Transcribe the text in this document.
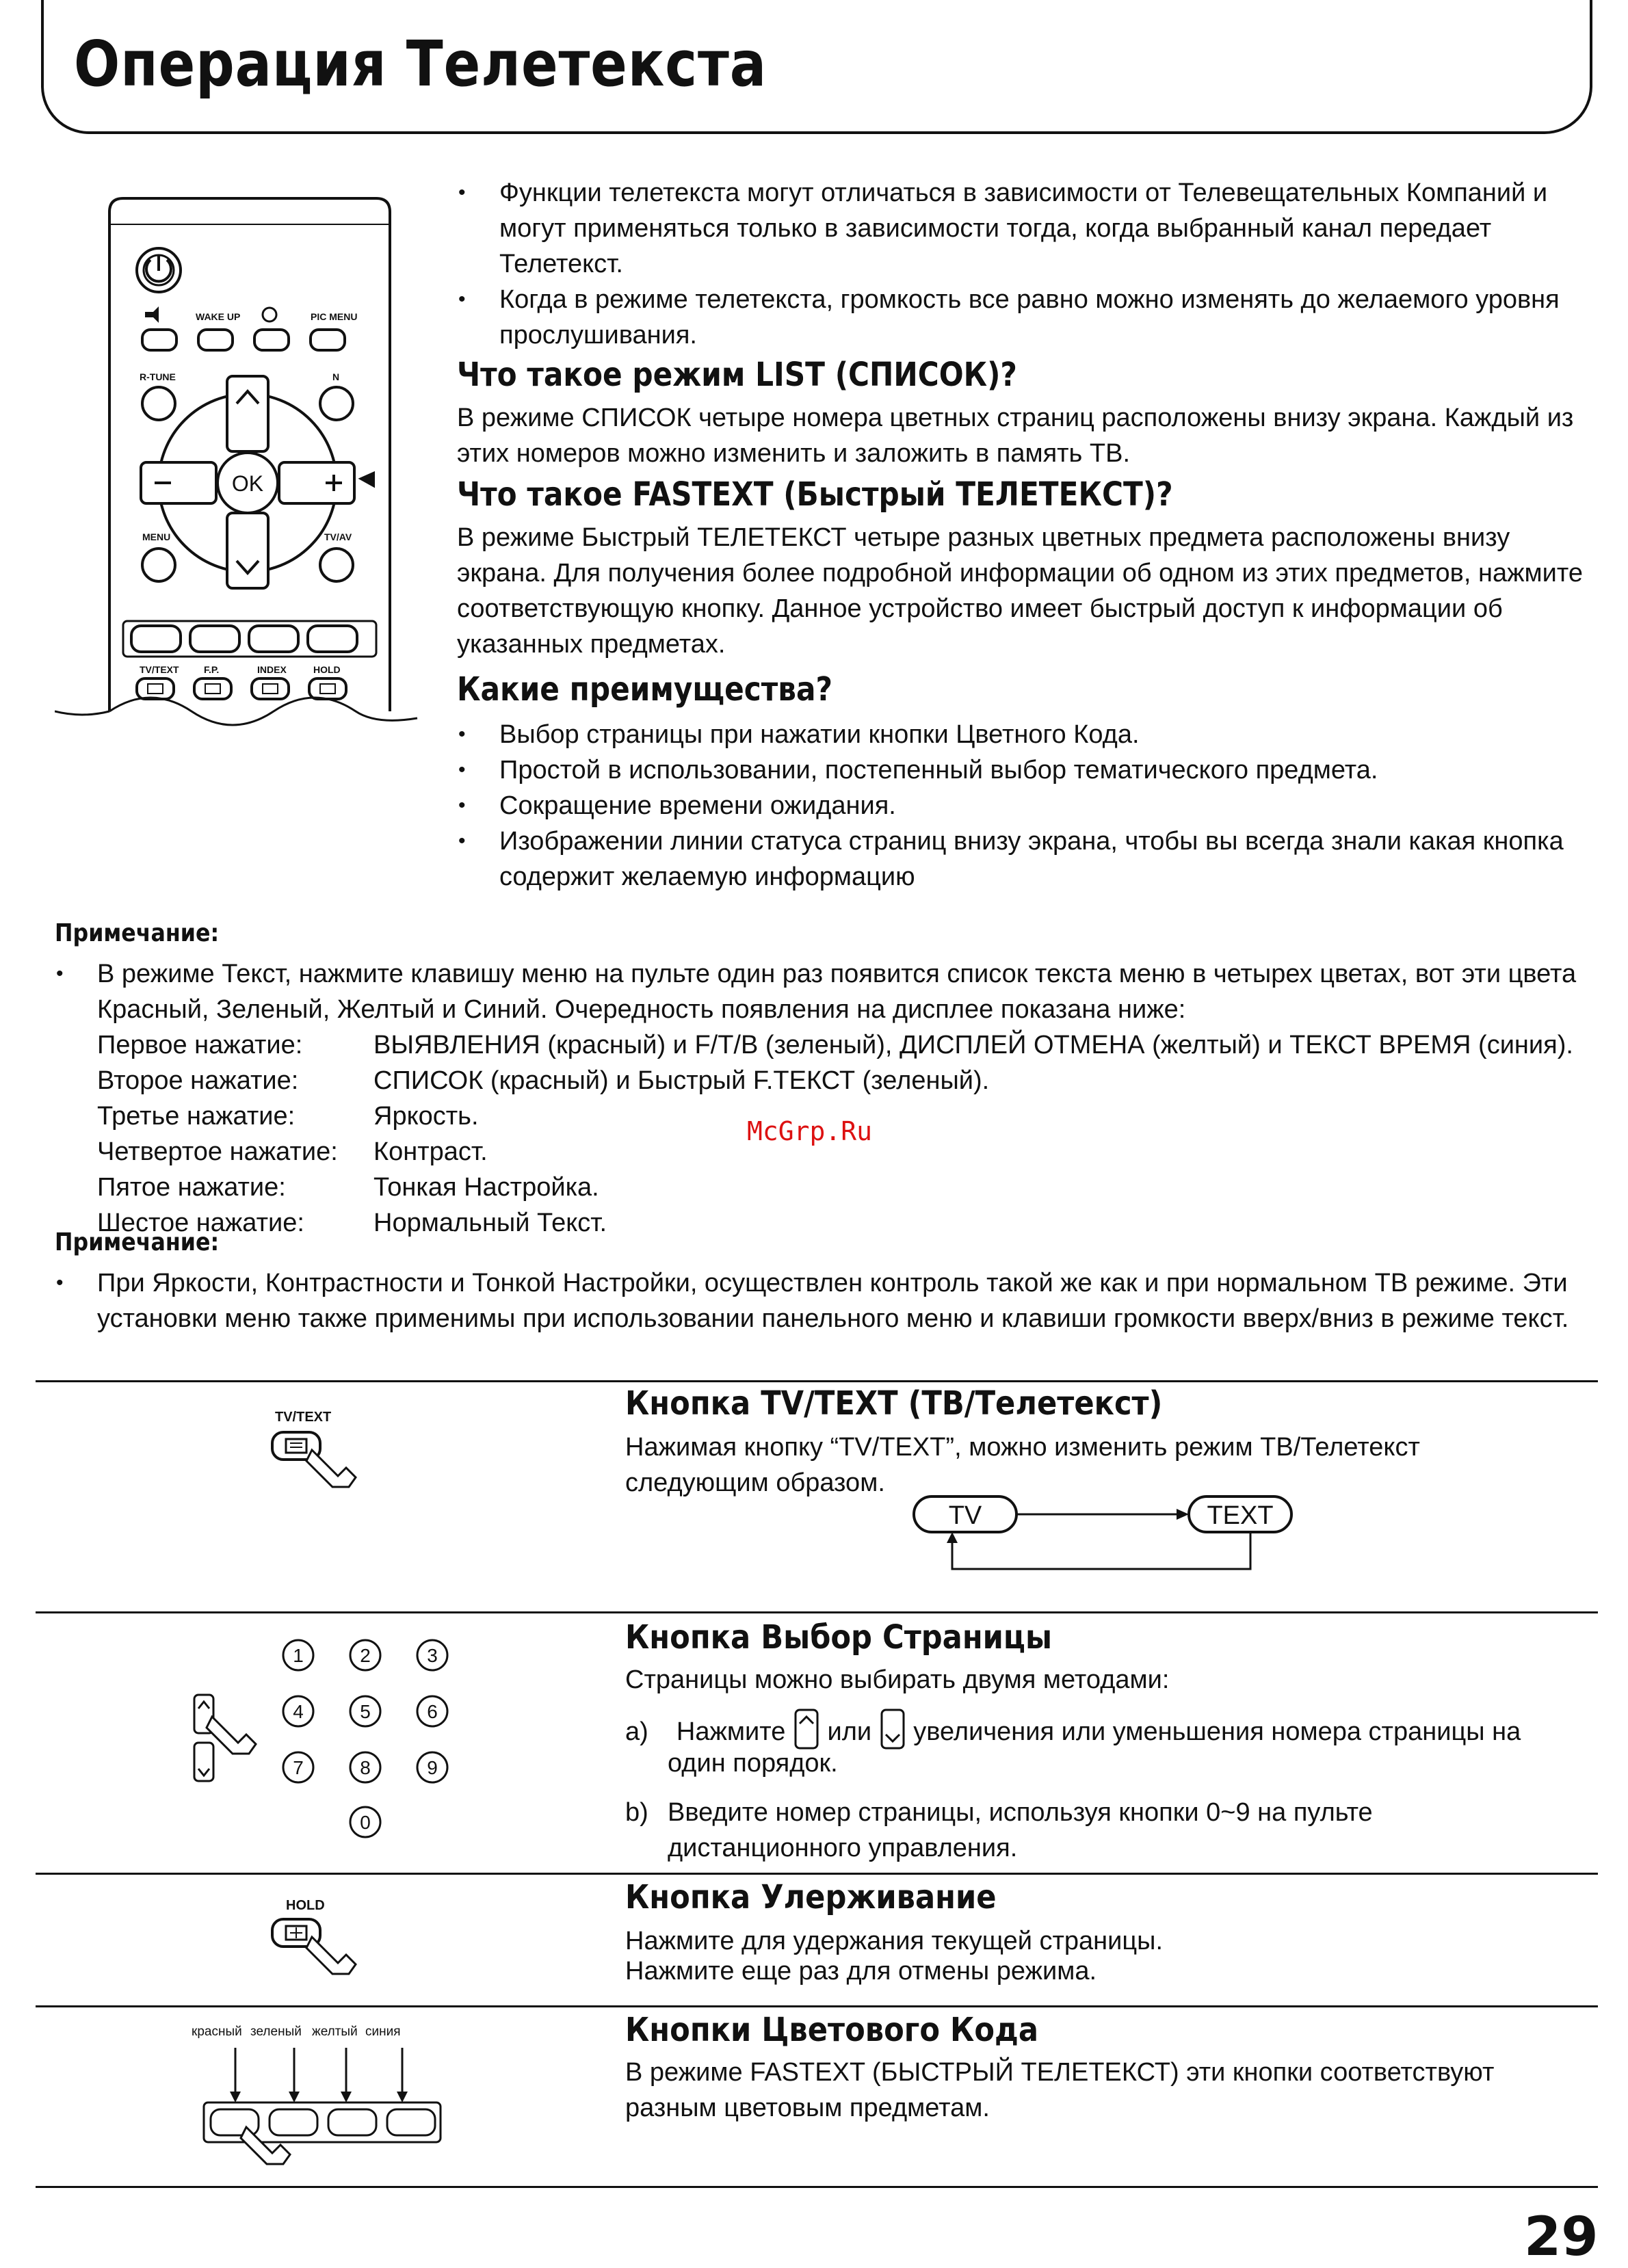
Операция Телетекста
WAKE UP	PIC MENU
R-TUNE	N
MENU	TV/AV
TV/TEXT	F.P.	INDEX	HOLD
OK
• Функции телетекста могут отличаться в зависимости от Телевещательных Компаний и могут применяться только в зависимости тогда, когда выбранный канал передает Телетекст.
• Когда в режиме телетекста, громкость все равно можно изменять до желаемого уровня прослушивания.
Что такое режим LIST (СПИСОК)?
В режиме СПИСОК четыре номера цветных страниц расположены внизу экрана. Каждый из этих номеров можно изменить и заложить в память ТВ.
Что такое FASTEXT (Быстрый ТЕЛЕТЕКСТ)?
В режиме Быстрый ТЕЛЕТЕКСТ четыре разных цветных предмета расположены внизу экрана. Для получения более подробной информации об одном из этих предметов, нажмите соответствующую кнопку. Данное устройство имеет быстрый доступ к информации об указанных предметах.
Какие преимущества?
• Выбор страницы при нажатии кнопки Цветного Кода.
• Простой в использовании, постепенный выбор тематического предмета.
• Сокращение времени ожидания.
• Изображении линии статуса страниц внизу экрана, чтобы вы всегда знали какая кнопка содержит желаемую информацию
Примечание:
• В режиме Текст, нажмите клавишу меню на пульте один раз появится список текста меню в четырех цветах, вот эти цвета Красный, Зеленый, Желтый и Синий. Очередность появления на дисплее показана ниже:
Первое нажатие:	ВЫЯВЛЕНИЯ (красный) и F/T/B (зеленый), ДИСПЛЕЙ ОТМЕНА (желтый) и ТЕКСТ ВРЕМЯ (синия).
Второе нажатие:	СПИСОК (красный) и Быстрый F.ТЕКСТ (зеленый).
Третье нажатие:	Яркость.
Четвертое нажатие:	Контраст.
Пятое нажатие:	Тонкая Настройка.
Шестое нажатие:	Нормальный Текст.
McGrp.Ru
Примечание:
• При Яркости, Контрастности и Тонкой Настройки, осуществлен контроль такой же как и при нормальном ТВ режиме. Эти установки меню также применимы при использовании панельного меню и клавиши громкости вверх/вниз в режиме текст.
TV/TEXT	Кнопка TV/TEXT (ТВ/Телетекст)
Нажимая кнопку “TV/TEXT”, можно изменить режим ТВ/Телетекст следующим образом.
TV	TEXT
1	2	3
4	5	6
7	8	9
0
Кнопка Выбор Страницы
Страницы можно выбирать двумя методами:
a) Нажмите или увеличения или уменьшения номера страницы на
один порядок.
b) Введите номер страницы, используя кнопки 0~9 на пульте дистанционного управления.
HOLD	Кнопка Улерживание
Нажмите для удержания текущей страницы.
Нажмите еще раз для отмены режима.
красный зеленый желтый синия	Кнопки Цветового Кода
В режиме FASTEXT (БЫСТРЫЙ ТЕЛЕТЕКСТ) эти кнопки соответствуют разным цветовым предметам.
29
